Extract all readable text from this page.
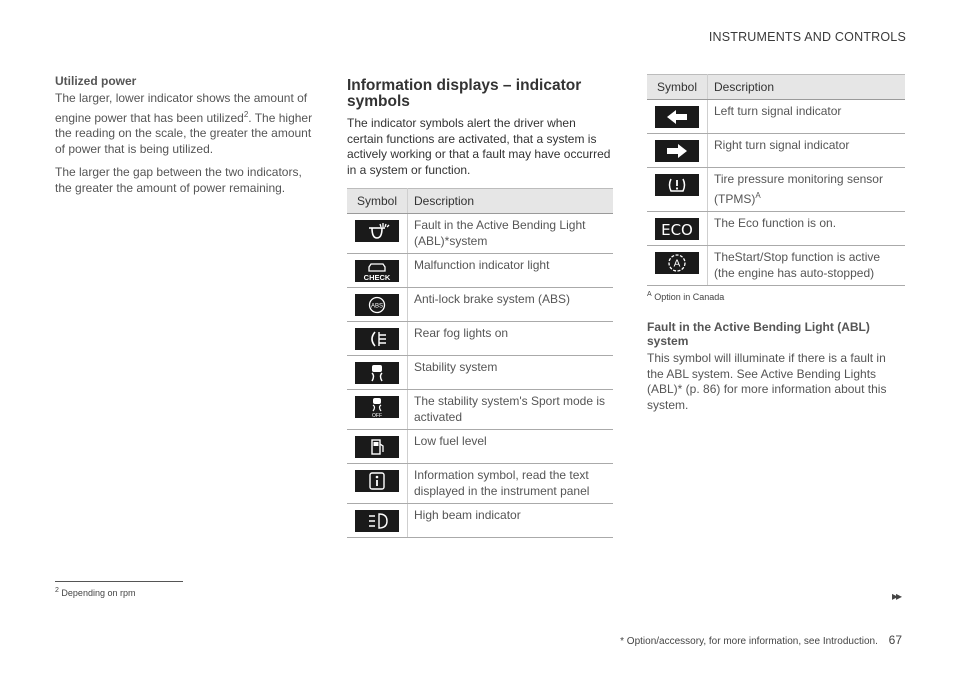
INSTRUMENTS AND CONTROLS
Utilized power

The larger, lower indicator shows the amount of engine power that has been utilized$^2$. The higher the reading on the scale, the greater the amount of power that is being utilized.

The larger the gap between the two indicators, the greater the amount of power remaining.

Information displays – indicator symbols

The indicator symbols alert the driver when certain functions are activated, that a system is actively working or that a fault may have occurred in a system or function.

Symbol	Description

	Fault in the Active Bending Light (ABL)*system

CHECK	Malfunction indicator light

ABS	Anti-lock brake system (ABS)

	Rear fog lights on

	Stability system

OFF	The stability system's Sport mode is activated

	Low fuel level

	Information symbol, read the text displayed in the instrument panel

	High beam indicator
Symbol	Description

	Left turn signal indicator

	Right turn signal indicator

	Tire pressure monitoring sensor (TPMS)$^A$

ECO	The Eco function is on.

A	TheStart/Stop function is active (the engine has auto-stopped)

$^A$ Option in Canada

Fault in the Active Bending Light (ABL) system

This symbol will illuminate if there is a fault in the ABL system. See Active Bending Lights (ABL)* (p. 86) for more information about this system.

$^2$ Depending on rpm	▸▸
* Option/accessory, for more information, see Introduction. 67
